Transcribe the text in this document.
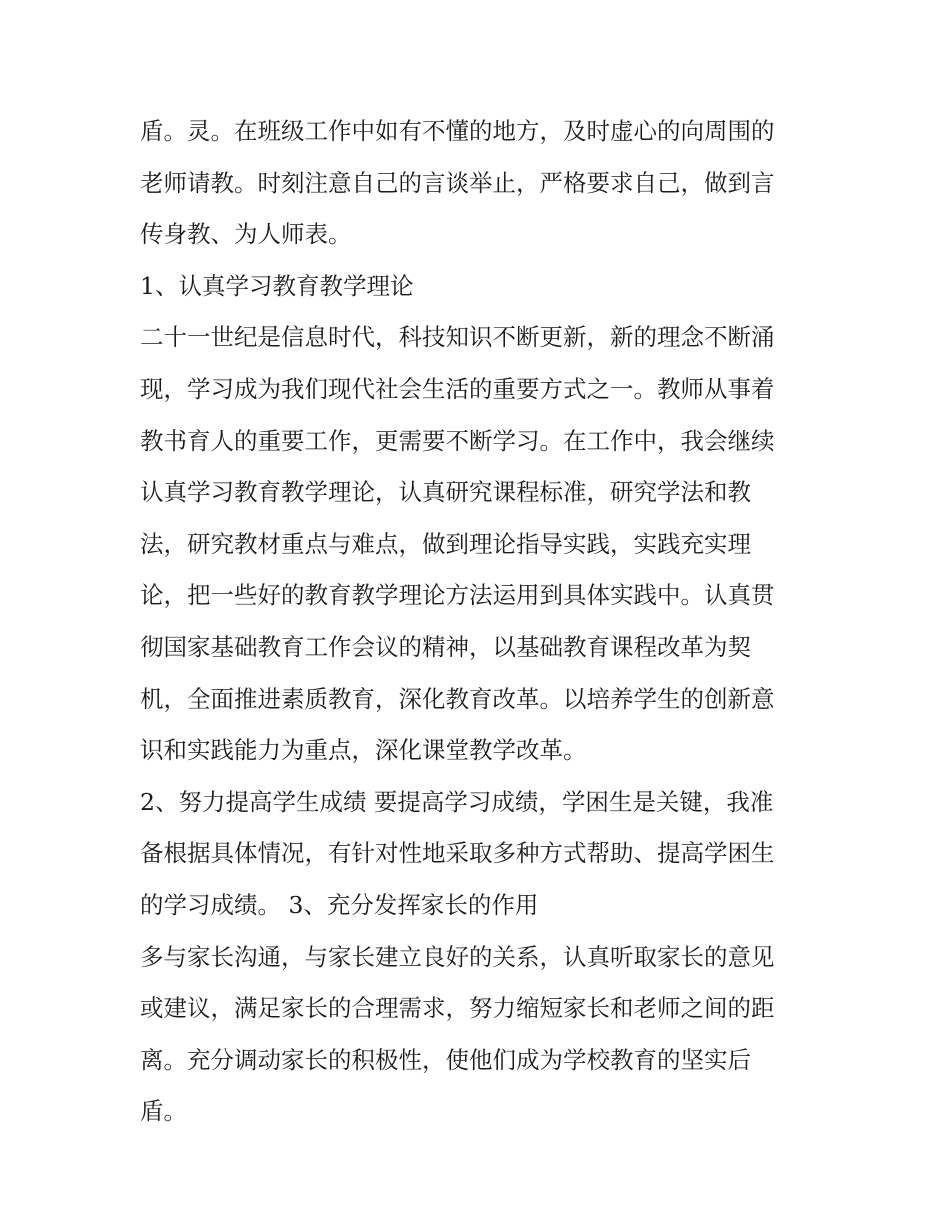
盾。灵。在班级工作中如有不懂的地方，及时虚心的向周围的
老师请教。时刻注意自己的言谈举止，严格要求自己，做到言
传身教、为人师表。
1、认真学习教育教学理论
二十一世纪是信息时代，科技知识不断更新，新的理念不断涌
现，学习成为我们现代社会生活的重要方式之一。教师从事着
教书育人的重要工作，更需要不断学习。在工作中，我会继续
认真学习教育教学理论，认真研究课程标准，研究学法和教
法，研究教材重点与难点，做到理论指导实践，实践充实理
论，把一些好的教育教学理论方法运用到具体实践中。认真贯
彻国家基础教育工作会议的精神，以基础教育课程改革为契
机，全面推进素质教育，深化教育改革。以培养学生的创新意
识和实践能力为重点，深化课堂教学改革。
2、努力提高学生成绩 要提高学习成绩，学困生是关键，我准
备根据具体情况，有针对性地采取多种方式帮助、提高学困生
的学习成绩。 3、充分发挥家长的作用
多与家长沟通，与家长建立良好的关系，认真听取家长的意见
或建议，满足家长的合理需求，努力缩短家长和老师之间的距
离。充分调动家长的积极性，使他们成为学校教育的坚实后
盾。
